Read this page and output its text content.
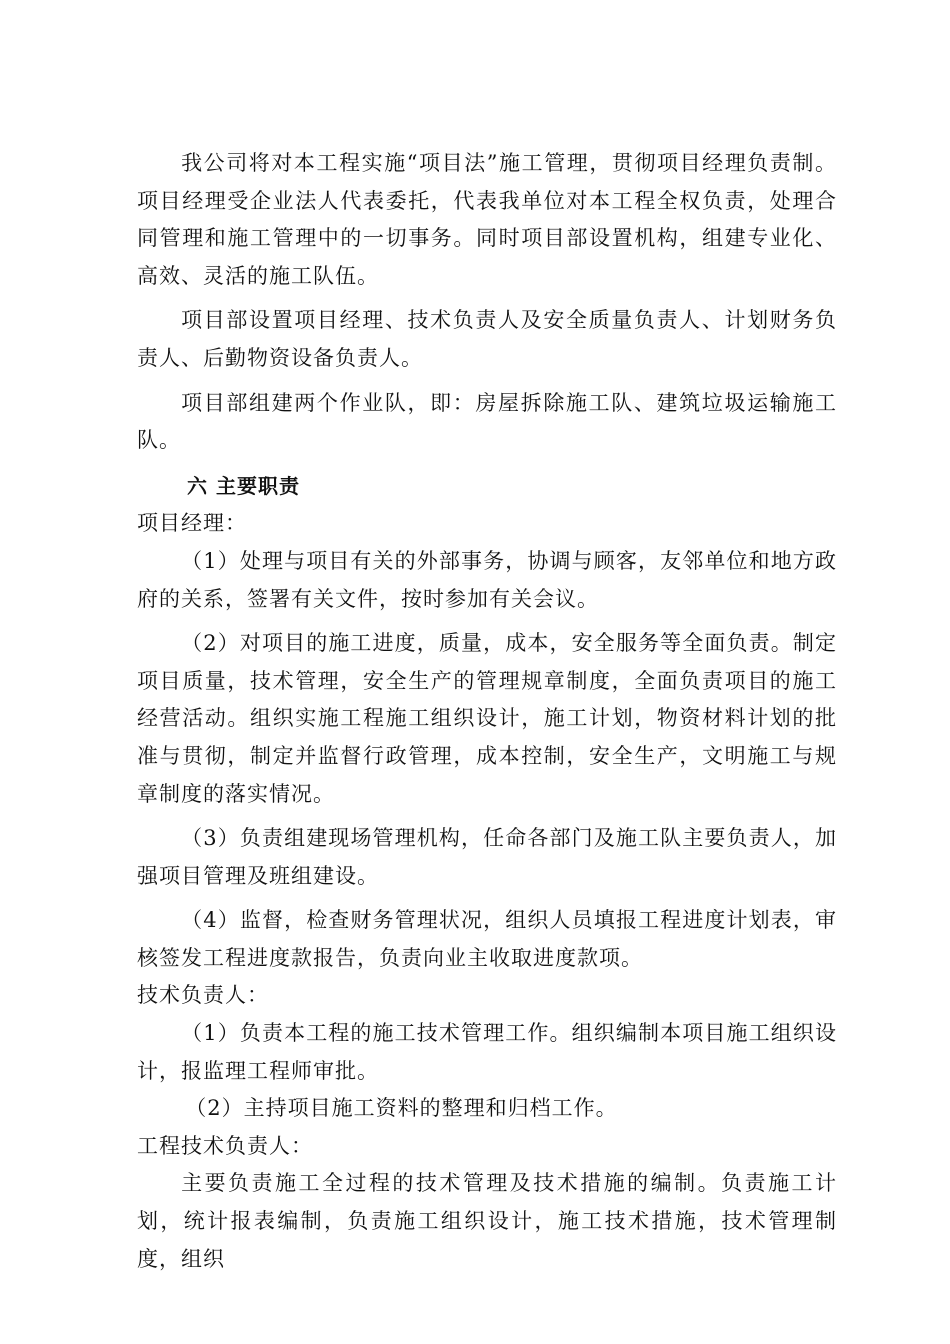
我公司将对本工程实施“项目法”施工管理，贯彻项目经理负责制。项目经理受企业法人代表委托，代表我单位对本工程全权负责，处理合同管理和施工管理中的一切事务。同时项目部设置机构，组建专业化、高效、灵活的施工队伍。

项目部设置项目经理、技术负责人及安全质量负责人、计划财务负责人、后勤物资设备负责人。

项目部组建两个作业队，即：房屋拆除施工队、建筑垃圾运输施工队。

六 主要职责

项目经理：

（1）处理与项目有关的外部事务，协调与顾客，友邻单位和地方政府的关系，签署有关文件，按时参加有关会议。

（2）对项目的施工进度，质量，成本，安全服务等全面负责。制定项目质量，技术管理，安全生产的管理规章制度，全面负责项目的施工经营活动。组织实施工程施工组织设计，施工计划，物资材料计划的批准与贯彻，制定并监督行政管理，成本控制，安全生产，文明施工与规章制度的落实情况。

（3）负责组建现场管理机构，任命各部门及施工队主要负责人，加强项目管理及班组建设。

（4）监督，检查财务管理状况，组织人员填报工程进度计划表，审核签发工程进度款报告，负责向业主收取进度款项。

技术负责人：

（1）负责本工程的施工技术管理工作。组织编制本项目施工组织设计，报监理工程师审批。

（2）主持项目施工资料的整理和归档工作。

工程技术负责人：

主要负责施工全过程的技术管理及技术措施的编制。负责施工计划，统计报表编制，负责施工组织设计，施工技术措施，技术管理制度，组织
